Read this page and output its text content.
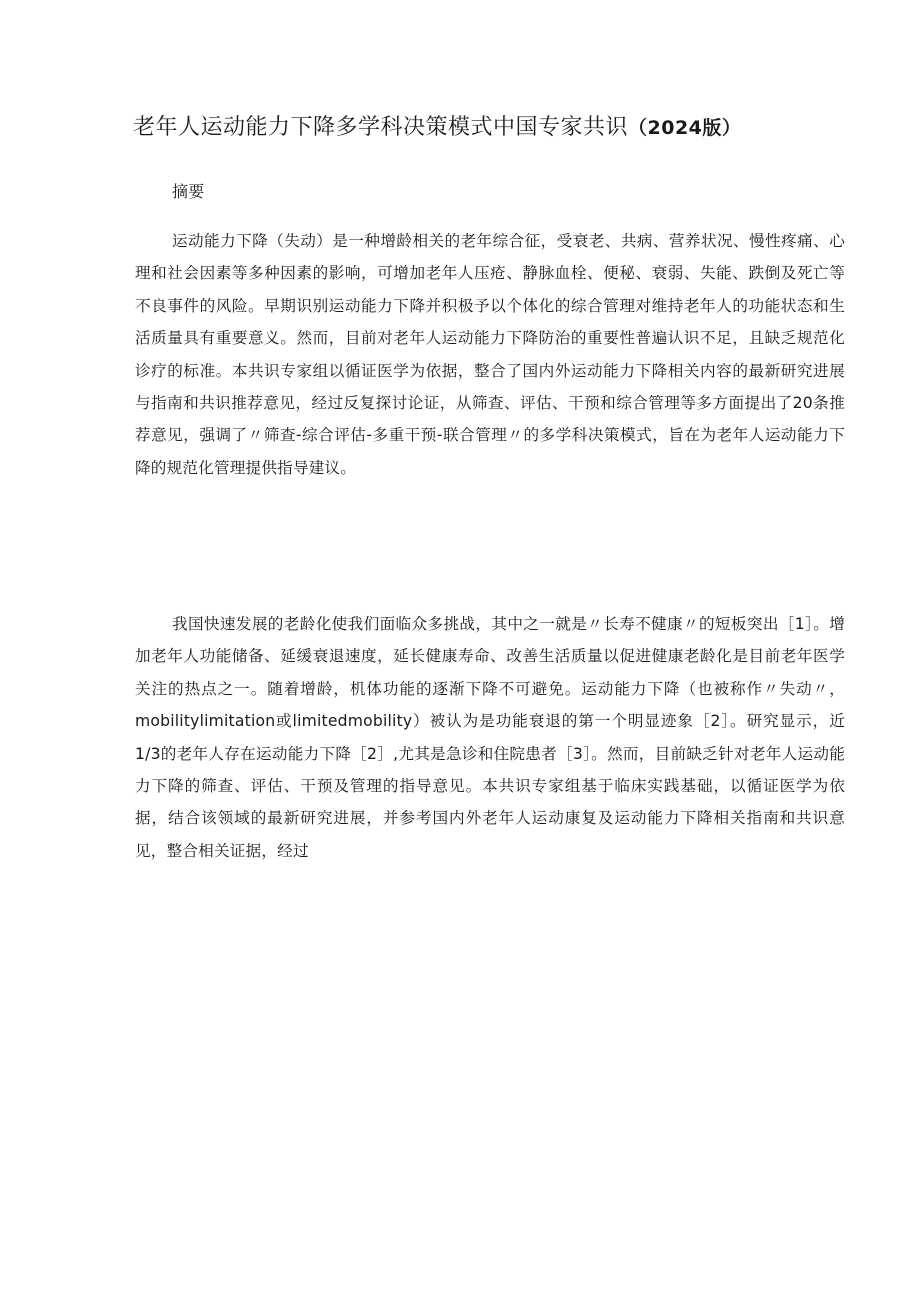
老年人运动能力下降多学科决策模式中国专家共识（2024版）
摘要

运动能力下降（失动）是一种增龄相关的老年综合征，受衰老、共病、营养状况、慢性疼痛、心理和社会因素等多种因素的影响，可增加老年人压疮、静脉血栓、便秘、衰弱、失能、跌倒及死亡等不良事件的风险。早期识别运动能力下降并积极予以个体化的综合管理对维持老年人的功能状态和生活质量具有重要意义。然而，目前对老年人运动能力下降防治的重要性普遍认识不足，且缺乏规范化诊疗的标准。本共识专家组以循证医学为依据，整合了国内外运动能力下降相关内容的最新研究进展与指南和共识推荐意见，经过反复探讨论证，从筛查、评估、干预和综合管理等多方面提出了20条推荐意见，强调了〃筛查-综合评估-多重干预-联合管理〃的多学科决策模式，旨在为老年人运动能力下降的规范化管理提供指导建议。

我国快速发展的老龄化使我们面临众多挑战，其中之一就是〃长寿不健康〃的短板突出［1］。增加老年人功能储备、延缓衰退速度，延长健康寿命、改善生活质量以促进健康老龄化是目前老年医学关注的热点之一。随着增龄，机体功能的逐渐下降不可避免。运动能力下降（也被称作〃失动〃，mobilitylimitation或limitedmobility）被认为是功能衰退的第一个明显迹象［2］。研究显示，近1/3的老年人存在运动能力下降［2］,尤其是急诊和住院患者［3］。然而，目前缺乏针对老年人运动能力下降的筛查、评估、干预及管理的指导意见。本共识专家组基于临床实践基础，以循证医学为依据，结合该领域的最新研究进展，并参考国内外老年人运动康复及运动能力下降相关指南和共识意见，整合相关证据，经过
